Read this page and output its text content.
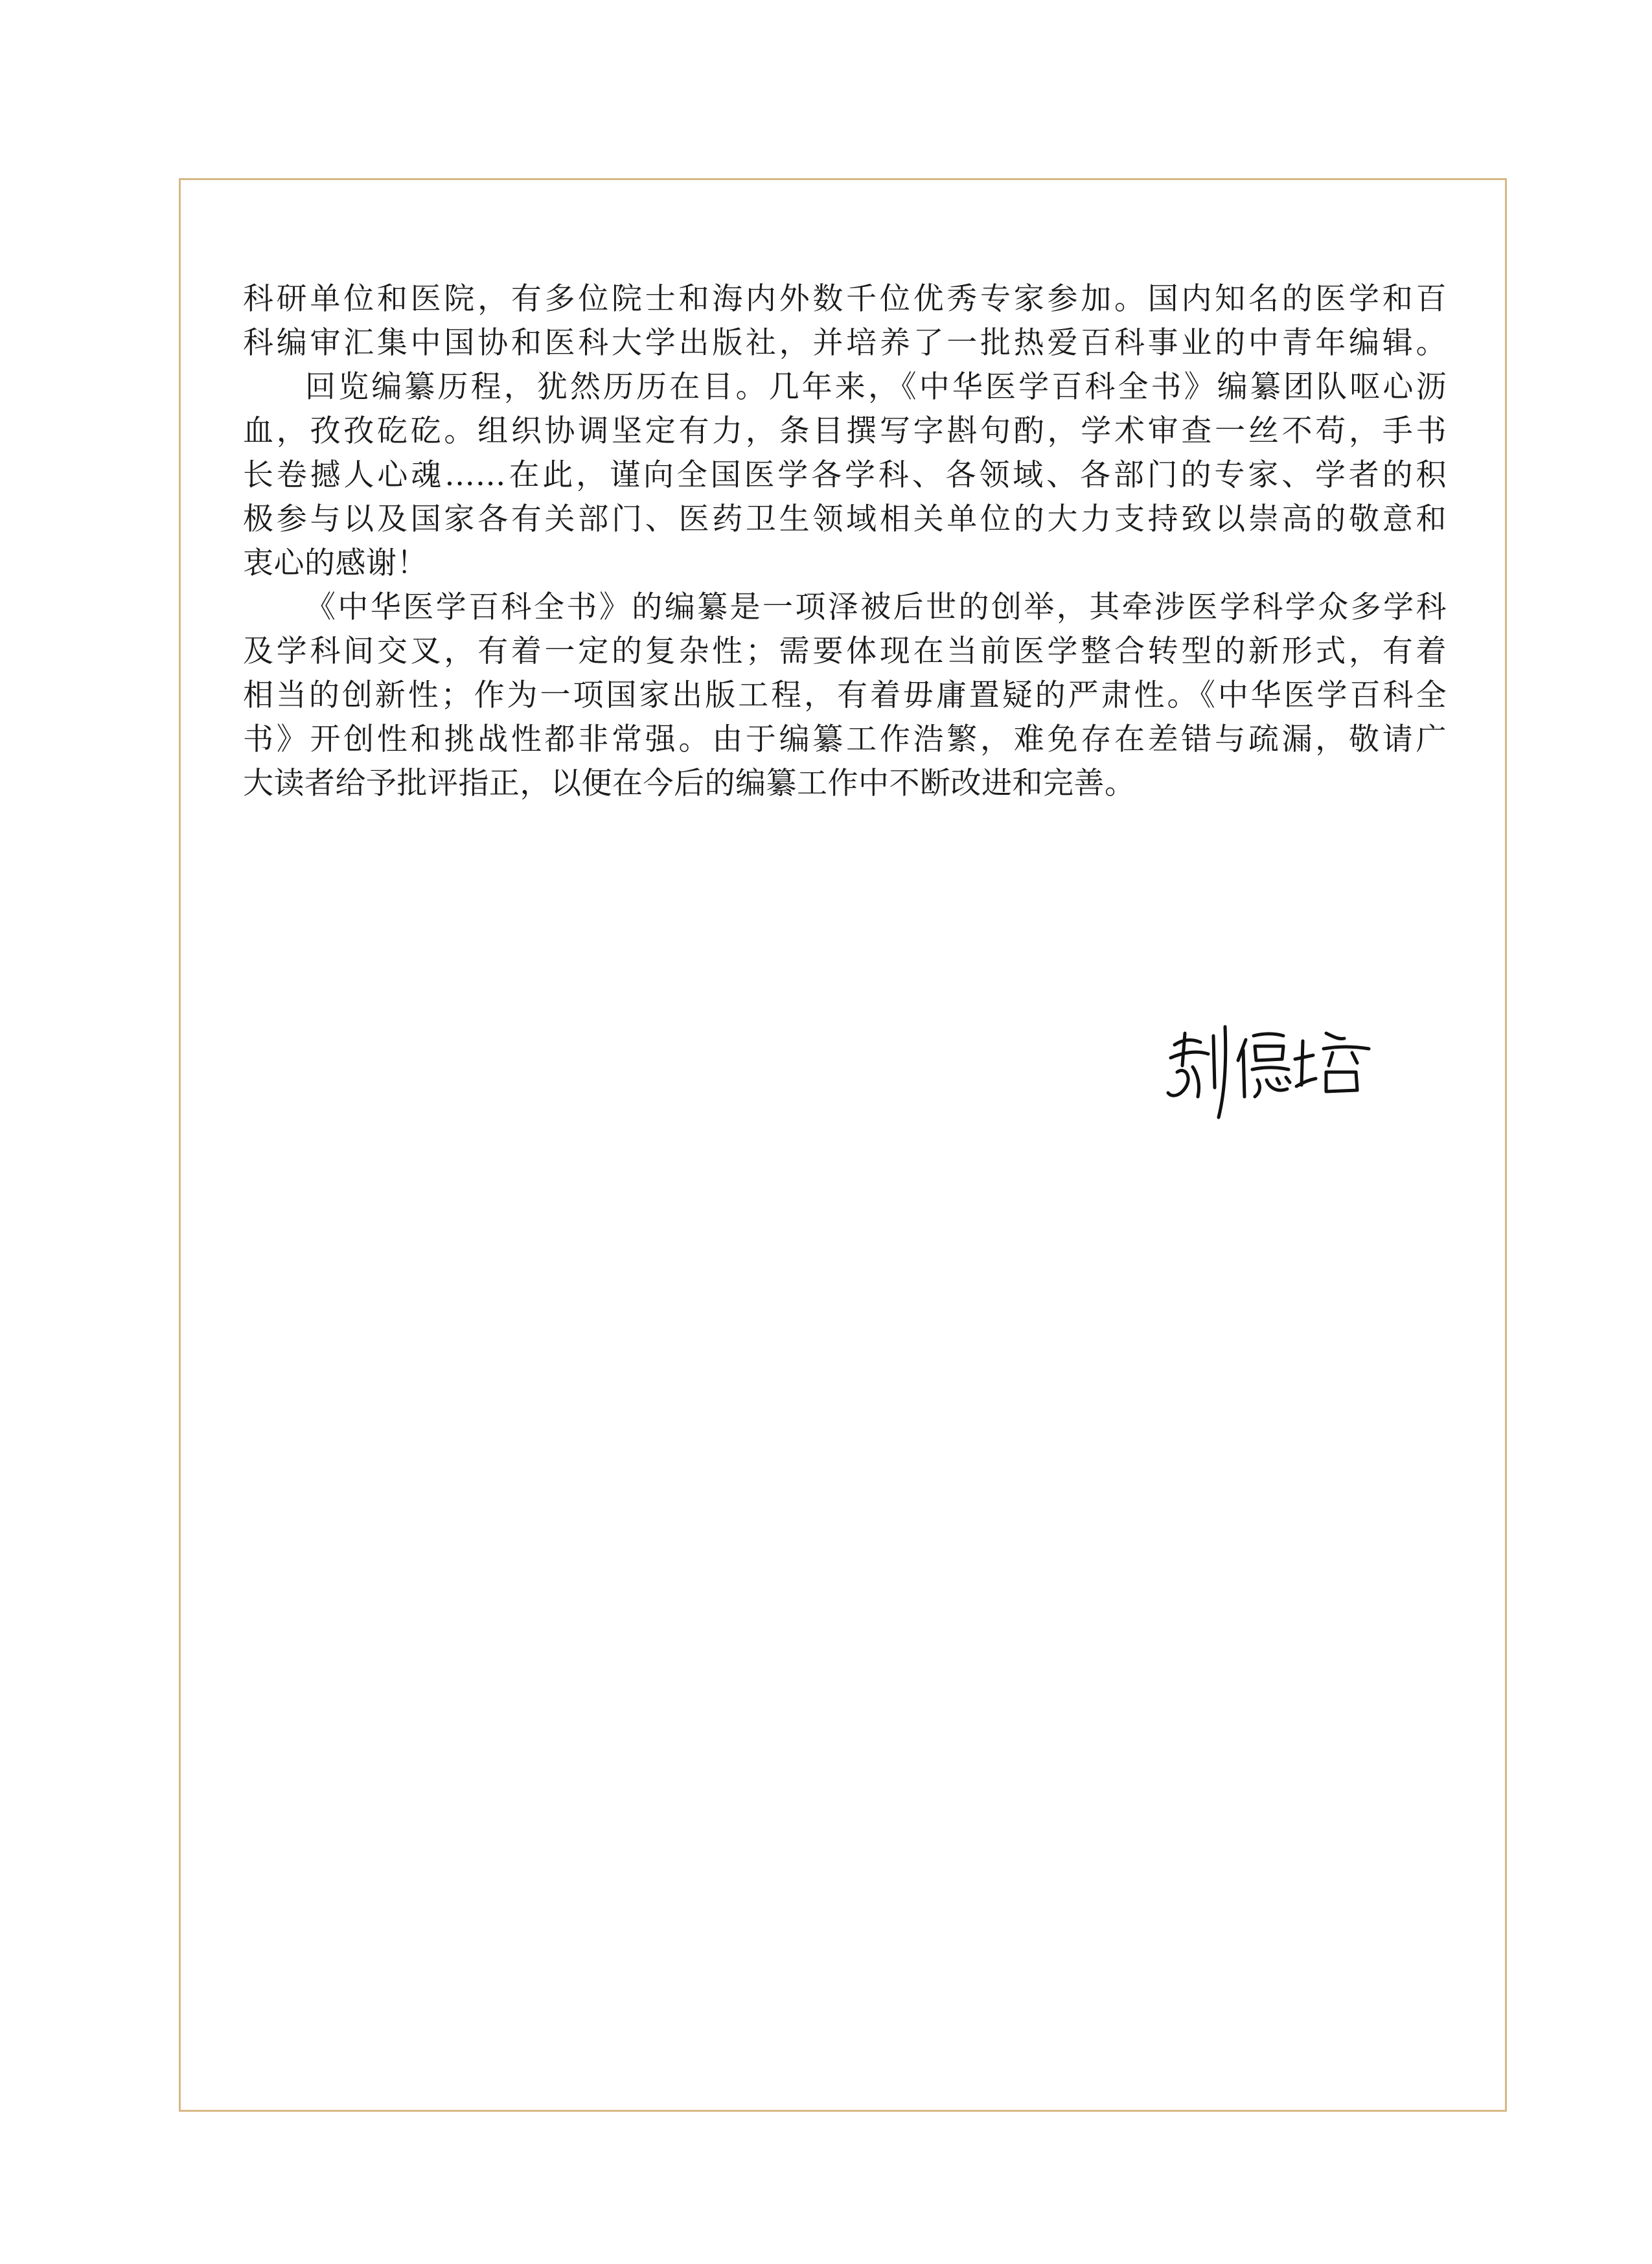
科研单位和医院，有多位院士和海内外数千位优秀专家参加。国内知名的医学和百
科编审汇集中国协和医科大学出版社，并培养了一批热爱百科事业的中青年编辑。
回览编纂历程，犹然历历在目。几年来，《中华医学百科全书》编纂团队呕心沥
血，孜孜矻矻。组织协调坚定有力，条目撰写字斟句酌，学术审查一丝不苟，手书
长卷撼人心魂……在此，谨向全国医学各学科、各领域、各部门的专家、学者的积
极参与以及国家各有关部门、医药卫生领域相关单位的大力支持致以崇高的敬意和
衷心的感谢！
《中华医学百科全书》的编纂是一项泽被后世的创举，其牵涉医学科学众多学科
及学科间交叉，有着一定的复杂性；需要体现在当前医学整合转型的新形式，有着
相当的创新性；作为一项国家出版工程，有着毋庸置疑的严肃性。《中华医学百科全
书》开创性和挑战性都非常强。由于编纂工作浩繁，难免存在差错与疏漏，敬请广
大读者给予批评指正，以便在今后的编纂工作中不断改进和完善。
